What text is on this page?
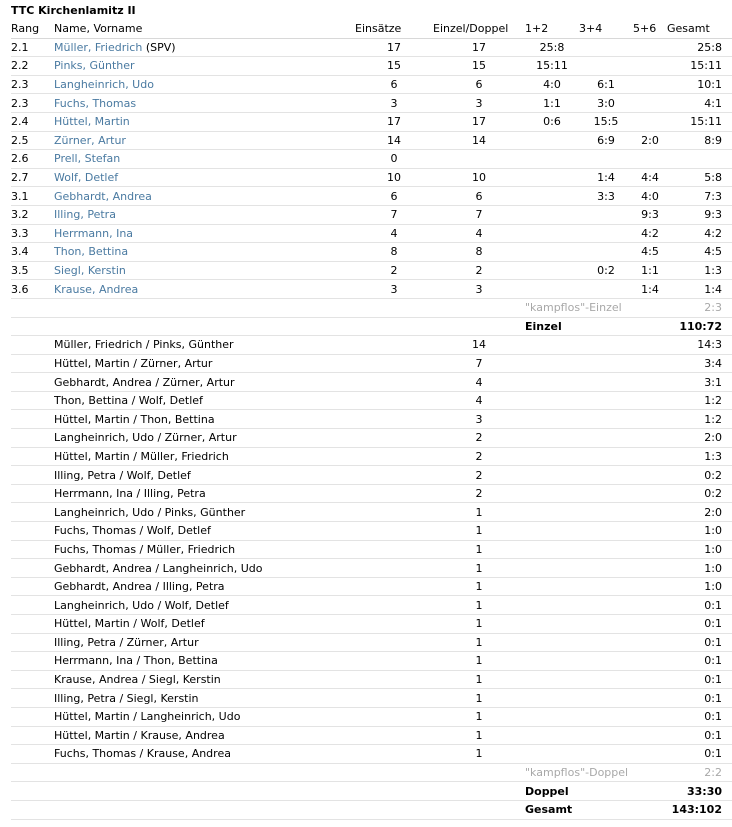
TTC Kirchenlamitz II
Rang	Name, Vorname	Einsätze	Einzel/Doppel	1+2	3+4	5+6	Gesamt
2.1	Müller, Friedrich (SPV)	17	17	25:8			25:8
2.2	Pinks, Günther	15	15	15:11			15:11
2.3	Langheinrich, Udo	6	6	4:0	6:1		10:1
2.3	Fuchs, Thomas	3	3	1:1	3:0		4:1
2.4	Hüttel, Martin	17	17	0:6	15:5		15:11
2.5	Zürner, Artur	14	14		6:9	2:0	8:9
2.6	Prell, Stefan	0					
2.7	Wolf, Detlef	10	10		1:4	4:4	5:8
3.1	Gebhardt, Andrea	6	6		3:3	4:0	7:3
3.2	Illing, Petra	7	7			9:3	9:3
3.3	Herrmann, Ina	4	4			4:2	4:2
3.4	Thon, Bettina	8	8			4:5	4:5
3.5	Siegl, Kerstin	2	2		0:2	1:1	1:3
3.6	Krause, Andrea	3	3			1:4	1:4
				"kampflos"-Einzel			2:3
				Einzel			110:72
	Müller, Friedrich / Pinks, Günther		14				14:3
	Hüttel, Martin / Zürner, Artur		7				3:4
	Gebhardt, Andrea / Zürner, Artur		4				3:1
	Thon, Bettina / Wolf, Detlef		4				1:2
	Hüttel, Martin / Thon, Bettina		3				1:2
	Langheinrich, Udo / Zürner, Artur		2				2:0
	Hüttel, Martin / Müller, Friedrich		2				1:3
	Illing, Petra / Wolf, Detlef		2				0:2
	Herrmann, Ina / Illing, Petra		2				0:2
	Langheinrich, Udo / Pinks, Günther		1				2:0
	Fuchs, Thomas / Wolf, Detlef		1				1:0
	Fuchs, Thomas / Müller, Friedrich		1				1:0
	Gebhardt, Andrea / Langheinrich, Udo		1				1:0
	Gebhardt, Andrea / Illing, Petra		1				1:0
	Langheinrich, Udo / Wolf, Detlef		1				0:1
	Hüttel, Martin / Wolf, Detlef		1				0:1
	Illing, Petra / Zürner, Artur		1				0:1
	Herrmann, Ina / Thon, Bettina		1				0:1
	Krause, Andrea / Siegl, Kerstin		1				0:1
	Illing, Petra / Siegl, Kerstin		1				0:1
	Hüttel, Martin / Langheinrich, Udo		1				0:1
	Hüttel, Martin / Krause, Andrea		1				0:1
	Fuchs, Thomas / Krause, Andrea		1				0:1
				"kampflos"-Doppel			2:2
				Doppel			33:30
				Gesamt			143:102
